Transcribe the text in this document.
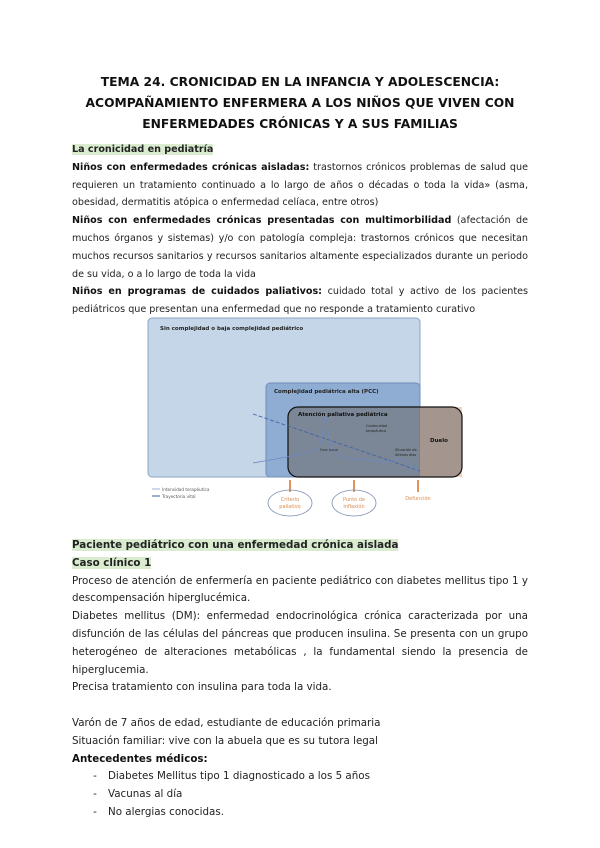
TEMA 24. CRONICIDAD EN LA INFANCIA Y ADOLESCENCIA:
ACOMPAÑAMIENTO ENFERMERA A LOS NIÑOS QUE VIVEN CON
ENFERMEDADES CRÓNICAS Y A SUS FAMILIAS

La cronicidad en pediatría

Niños con enfermedades crónicas aisladas: trastornos crónicos problemas de salud que requieren un tratamiento continuado a lo largo de años o décadas o toda la vida» (asma, obesidad, dermatitis atópica o enfermedad celíaca, entre otros)

Niños con enfermedades crónicas presentadas con multimorbilidad (afectación de muchos órganos y sistemas) y/o con patología compleja: trastornos crónicos que necesitan muchos recursos sanitarios y recursos sanitarios altamente especializados durante un periodo de su vida, o a lo largo de toda la vida

Niños en programas de cuidados paliativos: cuidado total y activo de los pacientes pediátricos que presentan una enfermedad que no responde a tratamiento curativo

Sin complejidad o baja complejidad pediátrico
Complejidad pediátrica alta (PCC)
Atención paliativa pediátrica
Duelo
Continuidad
terapéutica
Fase basal	Situación de
últimos días
Intensidad terapéutica
Trayectoria vital
Criterio
paliativo
Punto de
inflexión
Defunción

Paciente pediátrico con una enfermedad crónica aislada

Caso clínico 1

Proceso de atención de enfermería en paciente pediátrico con diabetes mellitus tipo 1 y descompensación hiperglucémica.

Diabetes mellitus (DM): enfermedad endocrinológica crónica caracterizada por una disfunción de las células del páncreas que producen insulina. Se presenta con un grupo heterogéneo de alteraciones metabólicas , la fundamental siendo la presencia de hiperglucemia.

Precisa tratamiento con insulina para toda la vida.

Varón de 7 años de edad, estudiante de educación primaria

Situación familiar: vive con la abuela que es su tutora legal

Antecedentes médicos:

-	Diabetes Mellitus tipo 1 diagnosticado a los 5 años
-	Vacunas al día
-	No alergias conocidas.
